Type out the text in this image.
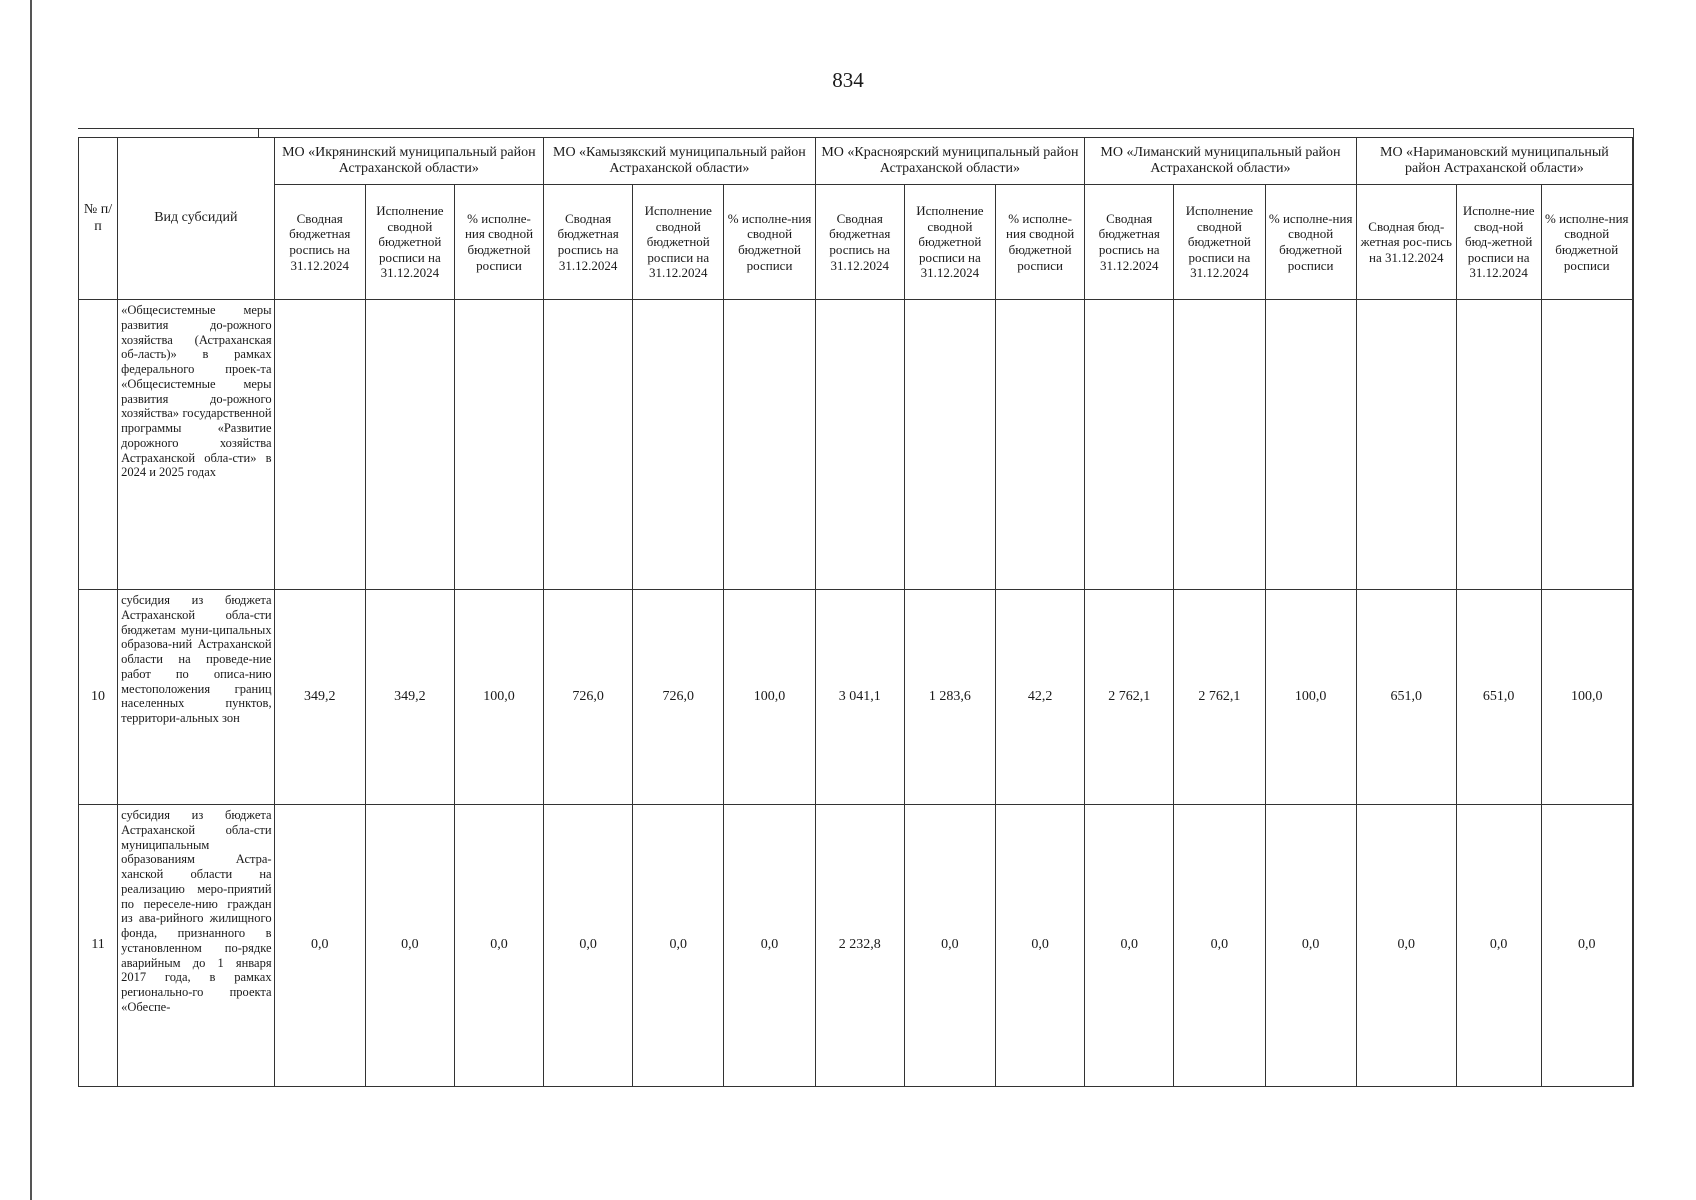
834
№ п/п	Вид субсидий	МО «Икрянинский муниципальный район Астраханской области»			МО «Камызякский муниципальный район Астраханской области»			МО «Красноярский муниципальный район Астраханской области»			МО «Лиманский муниципальный район Астраханской области»			МО «Наримановский муниципальный район Астраханской области»		
		Сводная бюджетная роспись на 31.12.2024	Исполнение сводной бюджетной росписи на 31.12.2024	% исполне-ния сводной бюджетной росписи	Сводная бюджетная роспись на 31.12.2024	Исполнение сводной бюджетной росписи на 31.12.2024	% исполне-ния сводной бюджетной росписи	Сводная бюджетная роспись на 31.12.2024	Исполнение сводной бюджетной росписи на 31.12.2024	% исполне-ния сводной бюджетной росписи	Сводная бюджетная роспись на 31.12.2024	Исполнение сводной бюджетной росписи на 31.12.2024	% исполне-ния сводной бюджетной росписи	Сводная бюд-жетная рос-пись на 31.12.2024	Исполне-ние свод-ной бюд-жетной росписи на 31.12.2024	% исполне-ния сводной бюджетной росписи
	«Общесистемные меры развития до-рожного хозяйства (Астраханская об-ласть)» в рамках федерального проек-та «Общесистемные меры развития до-рожного хозяйства» государственной программы «Развитие дорожного хозяйства Астраханской обла-сти» в 2024 и 2025 годах															
10	субсидия из бюджета Астраханской обла-сти бюджетам муни-ципальных образова-ний Астраханской области на проведе-ние работ по описа-нию местоположения границ населенных пунктов, территори-альных зон	349,2	349,2	100,0	726,0	726,0	100,0	3 041,1	1 283,6	42,2	2 762,1	2 762,1	100,0	651,0	651,0	100,0
11	субсидия из бюджета Астраханской обла-сти муниципальным образованиям Астра-ханской области на реализацию меро-приятий по переселе-нию граждан из ава-рийного жилищного фонда, признанного в установленном по-рядке аварийным до 1 января 2017 года, в рамках регионально-го проекта «Обеспе-	0,0	0,0	0,0	0,0	0,0	0,0	2 232,8	0,0	0,0	0,0	0,0	0,0	0,0	0,0	0,0
